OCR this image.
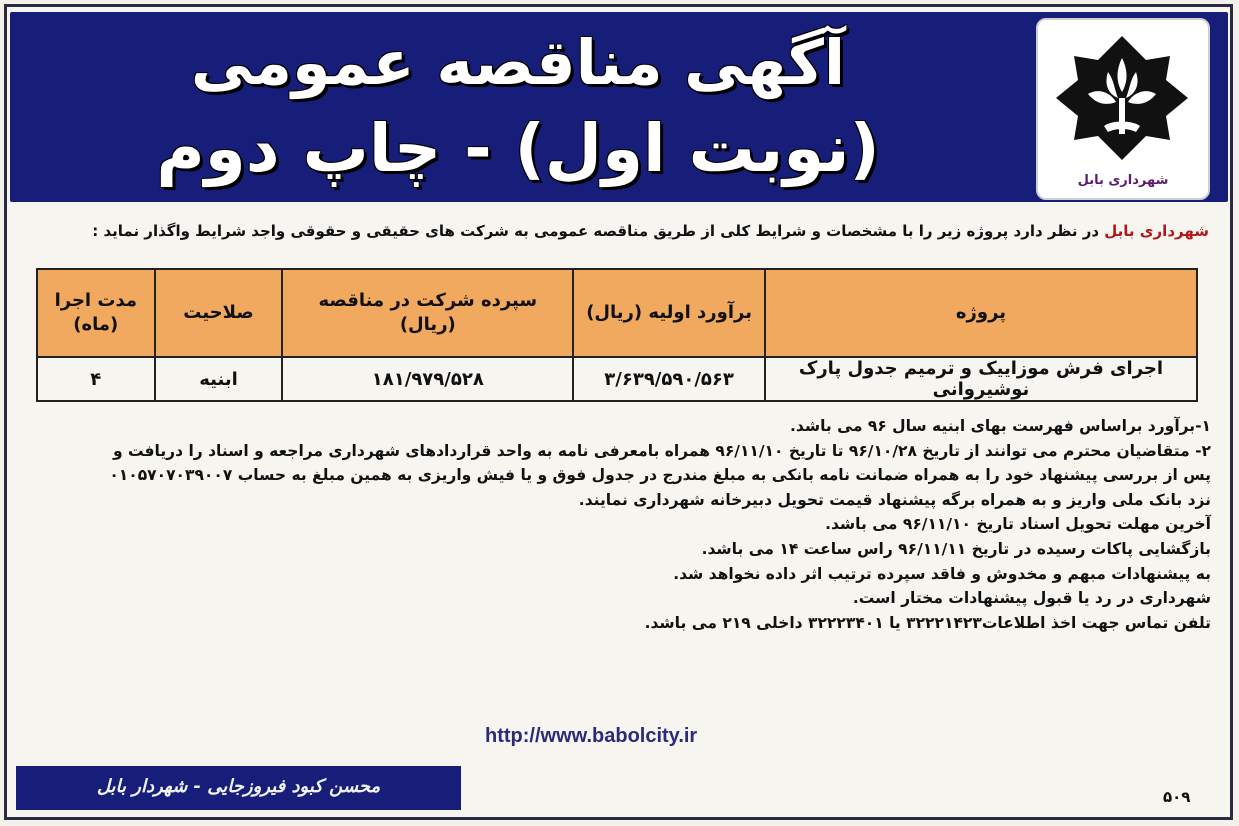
آگهی مناقصه عمومی
(نوبت اول) - چاپ دوم	شهرداری بابل
شهرداری بابل در نظر دارد پروژه زیر را با مشخصات و شرایط کلی از طریق مناقصه عمومی به شرکت های حقیقی و حقوقی واجد شرایط واگذار نماید :
پروژه	برآورد اولیه (ریال)	سپرده شرکت در مناقصه (ریال)	صلاحیت	مدت اجرا (ماه)
اجرای فرش موزاییک و ترمیم جدول پارک نوشیروانی	۳/۶۳۹/۵۹۰/۵۶۳	۱۸۱/۹۷۹/۵۲۸	ابنیه	۴
۱-برآورد براساس فهرست بهای ابنیه سال ۹۶ می باشد.
۲- متقاضیان محترم می توانند از تاریخ ۹۶/۱۰/۲۸ تا تاریخ ۹۶/۱۱/۱۰ همراه بامعرفی نامه به واحد قراردادهای شهرداری مراجعه و اسناد را دریافت و
پس از بررسی پیشنهاد خود را به همراه ضمانت نامه بانکی به مبلغ مندرج در جدول فوق و یا فیش واریزی به همین مبلغ به حساب ۰۱۰۵۷۰۷۰۳۹۰۰۷
نزد بانک ملی واریز و به همراه برگه پیشنهاد قیمت تحویل دبیرخانه شهرداری نمایند.
آخرین مهلت تحویل اسناد تاریخ ۹۶/۱۱/۱۰ می باشد.
بازگشایی پاکات رسیده در تاریخ ۹۶/۱۱/۱۱ راس ساعت ۱۴ می باشد.
به پیشنهادات مبهم و مخدوش و فاقد سپرده ترتیب اثر داده نخواهد شد.
شهرداری در رد یا قبول پیشنهادات مختار است.
تلفن تماس جهت اخذ اطلاعات۳۲۲۲۱۴۲۳ یا ۳۲۲۲۳۴۰۱ داخلی ۲۱۹ می باشد.
http://www.babolcity.ir
محسن کبود فیروزجایی - شهردار بابل	۵۰۹
